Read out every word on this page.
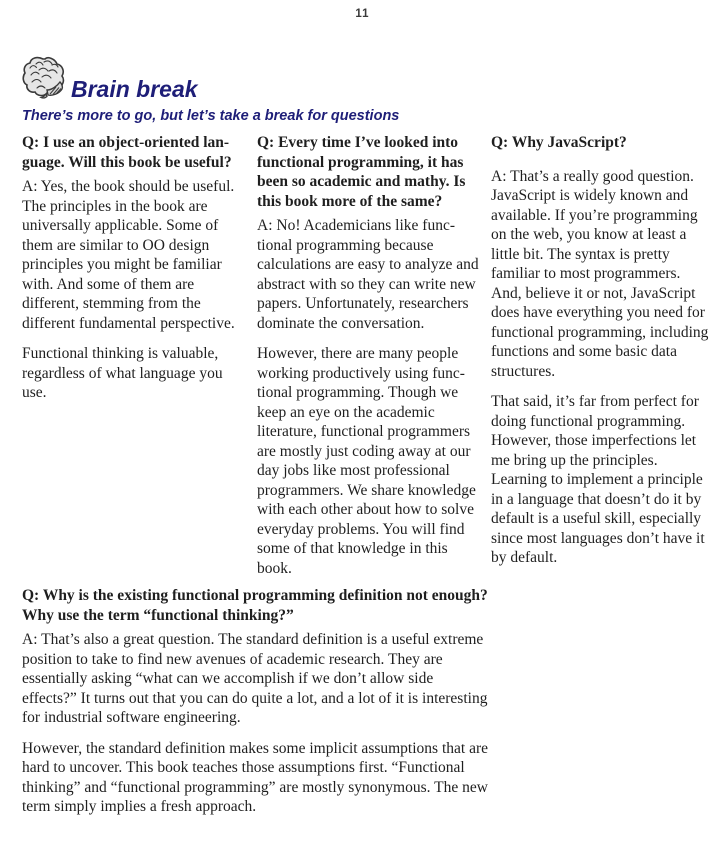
11
Brain break
There’s more to go, but let’s take a break for questions
Q: I use an object-oriented language. Will this book be useful?

A: Yes, the book should be useful. The principles in the book are universally applicable. Some of them are similar to OO design principles you might be familiar with. And some of them are different, stemming from the different fundamental perspective.

Functional thinking is valuable, regardless of what language you use.

Q: Every time I’ve looked into functional programming, it has been so academic and mathy. Is this book more of the same?

A: No! Academicians like functional programming because calculations are easy to analyze and abstract with so they can write new papers. Unfortunately, researchers dominate the conversation.

However, there are many people working productively using functional programming. Though we keep an eye on the academic literature, functional programmers are mostly just coding away at our day jobs like most professional programmers. We share knowledge with each other about how to solve everyday problems. You will find some of that knowledge in this book.

Q: Why JavaScript?

A: That’s a really good question. JavaScript is widely known and available. If you’re programming on the web, you know at least a little bit. The syntax is pretty familiar to most programmers. And, believe it or not, JavaScript does have everything you need for functional programming, including functions and some basic data structures.

That said, it’s far from perfect for doing functional programming. However, those imperfections let me bring up the principles. Learning to implement a principle in a language that doesn’t do it by default is a useful skill, especially since most languages don’t have it by default.

Q: Why is the existing functional programming definition not enough? Why use the term “functional thinking?”

A: That’s also a great question. The standard definition is a useful extreme position to take to find new avenues of academic research. They are essentially asking “what can we accomplish if we don’t allow side effects?” It turns out that you can do quite a lot, and a lot of it is interesting for industrial software engineering.

However, the standard definition makes some implicit assumptions that are hard to uncover. This book teaches those assumptions first. “Functional thinking” and “functional programming” are mostly synonymous. The new term simply implies a fresh approach.
